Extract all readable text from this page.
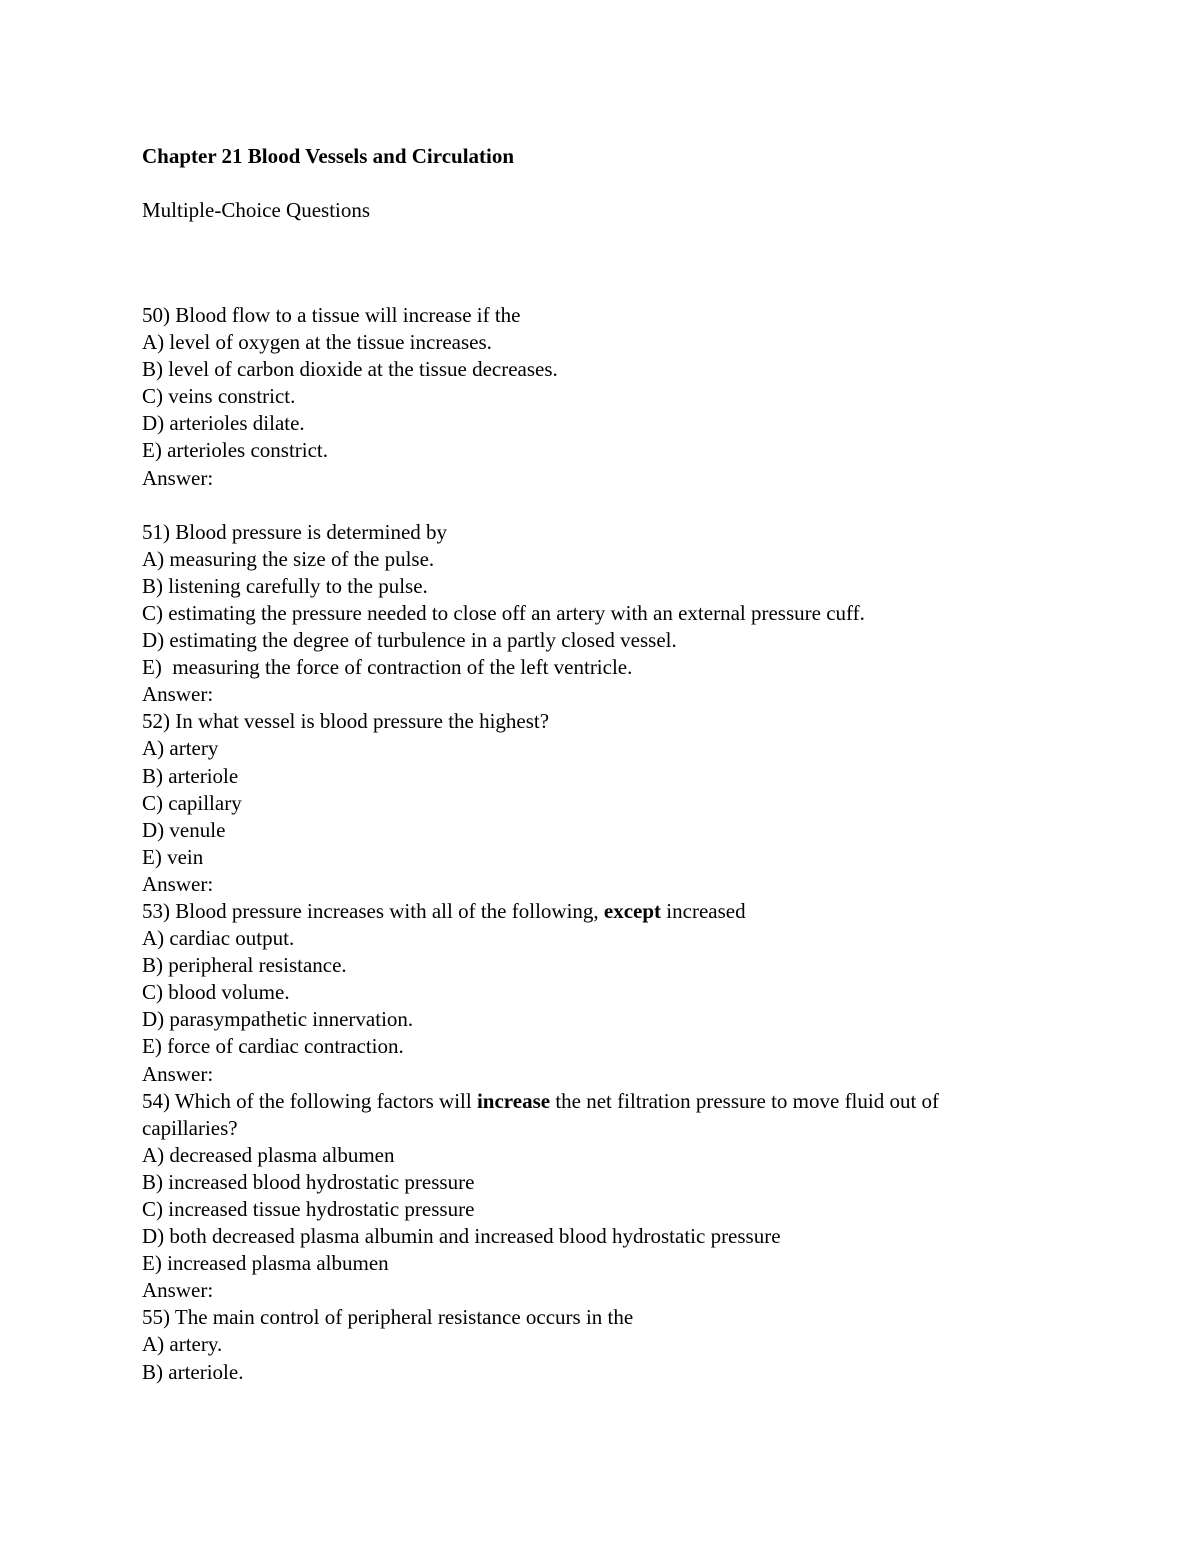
Chapter 21 Blood Vessels and Circulation
Multiple-Choice Questions
50) Blood flow to a tissue will increase if the
A) level of oxygen at the tissue increases.
B) level of carbon dioxide at the tissue decreases.
C) veins constrict.
D) arterioles dilate.
E) arterioles constrict.
Answer:
51) Blood pressure is determined by
A) measuring the size of the pulse.
B) listening carefully to the pulse.
C) estimating the pressure needed to close off an artery with an external pressure cuff.
D) estimating the degree of turbulence in a partly closed vessel.
E)  measuring the force of contraction of the left ventricle.
Answer:
52) In what vessel is blood pressure the highest?
A) artery
B) arteriole
C) capillary
D) venule
E) vein
Answer:
53) Blood pressure increases with all of the following, except increased
A) cardiac output.
B) peripheral resistance.
C) blood volume.
D) parasympathetic innervation.
E) force of cardiac contraction.
Answer:
54) Which of the following factors will increase the net filtration pressure to move fluid out of
capillaries?
A) decreased plasma albumen
B) increased blood hydrostatic pressure
C) increased tissue hydrostatic pressure
D) both decreased plasma albumin and increased blood hydrostatic pressure
E) increased plasma albumen
Answer:
55) The main control of peripheral resistance occurs in the
A) artery.
B) arteriole.
